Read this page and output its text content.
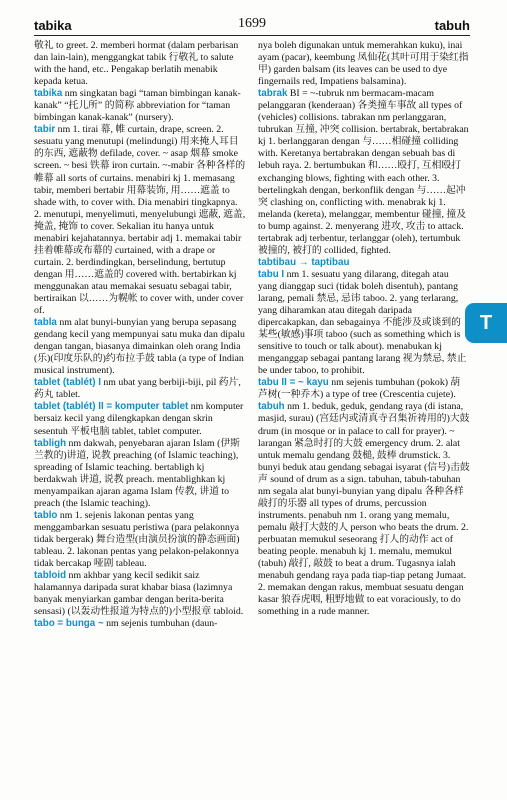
tabika	1699	tabuh

敬礼 to greet. 2. memberi hormat (dalam perbarisan dan lain-lain), menggangkat tabik 行敬礼 to salute with the hand, etc.. Pengakap berlatih menabik kepada ketua.

tabika nm singkatan bagi “taman bimbingan kanak-kanak” “托儿所” 的简称 abbreviation for “taman bimbingan kanak-kanak” (nursery).

tabir nm 1. tirai 幕, 帷 curtain, drape, screen. 2. sesuatu yang menutupi (melindungi) 用来掩人耳目的东西, 遮蔽物 defilade, cover. ~ asap 烟幕 smoke screen. ~ besi 铁幕 iron curtain. ~-mabir 各种各样的帷幕 all sorts of curtains. menabiri kj 1. memasang tabir, memberi bertabir 用幕装饰, 用……遮盖 to shade with, to cover with. Dia menabiri tingkapnya. 2. menutupi, menyelimuti, menyelubungi 遮蔽, 遮盖, 掩盖, 掩饰 to cover. Sekalian itu hanya untuk menabiri kejahatannya. bertabir adj 1. memakai tabir 挂着帷幕或布幕的 curtained, with a drape or curtain. 2. berdindingkan, berselindung, bertutup dengan 用……遮盖的 covered with. bertabirkan kj menggunakan atau memakai sesuatu sebagai tabir, bertiraikan 以……为幌帐 to cover with, under cover of.

tabla nm alat bunyi-bunyian yang berupa sepasang gendang kecil yang mempunyai satu muka dan dipalu dengan tangan, biasanya dimainkan oleh orang India (乐)(印度乐队的)约布拉手鼓 tabla (a type of Indian musical instrument).

tablet (tablét) I nm ubat yang berbiji-biji, pil 药片, 药丸 tablet.

tablet (tablét) II = komputer tablet nm komputer bersaiz kecil yang dilengkapkan dengan skrin sesentuh 平板电脑 tablet, tablet computer.

tabligh nm dakwah, penyebaran ajaran Islam (伊斯兰教的)讲道, 说教 preaching (of Islamic teaching), spreading of Islamic teaching. bertabligh kj berdakwah 讲道, 说教 preach. mentablighkan kj menyampaikan ajaran agama Islam 传教, 讲道 to preach (the Islamic teaching).

tablo nm 1. sejenis lakonan pentas yang menggambarkan sesuatu peristiwa (para pelakonnya tidak bergerak) 舞台造型(由演员扮演的静态画面) tableau. 2. lakonan pentas yang pelakon-pelakonnya tidak bercakap 哑剧 tableau.

tabloid nm akhbar yang kecil sedikit saiz halamannya daripada surat khabar biasa (lazimnya banyak menyiarkan gambar dengan berita-berita sensasi) (以轰动性报道为特点的)小型报章 tabloid.

tabo = bunga ~ nm sejenis tumbuhan (daun-

nya boleh digunakan untuk memerahkan kuku), inai ayam (pacar), keembung 凤仙花(其叶可用于染红指甲) garden balsam (its leaves can be used to dye fingernails red, Impatiens balsamina).

tabrak BI = ~-tubruk nm bermacam-macam pelanggaran (kenderaan) 各类撞车事故 all types of (vehicles) collisions. tabrakan nm perlanggaran, tubrukan 互撞, 冲突 collision. bertabrak, bertabrakan kj 1. berlanggaran dengan 与……相碰撞 colliding with. Keretanya bertabrakan dengan sebuah bas di lebuh raya. 2. bertumbukan 和……殴打, 互相殴打 exchanging blows, fighting with each other. 3. bertelingkah dengan, berkonflik dengan 与……起冲突 clashing on, conflicting with. menabrak kj 1. melanda (kereta), melanggar, membentur 碰撞, 撞及 to bump against. 2. menyerang 进攻, 攻击 to attack. tertabrak adj terbentur, terlanggar (oleh), tertumbuk 被撞的, 被打的 collided, fighted.

tabtibau → taptibau

tabu I nm 1. sesuatu yang dilarang, ditegah atau yang dianggap suci (tidak boleh disentuh), pantang larang, pemali 禁忌, 忌讳 taboo. 2. yang terlarang, yang diharamkan atau ditegah daripada dipercakapkan, dan sebagainya 不能涉及或谈到的某些(敏感)事项 taboo (such as something which is sensitive to touch or talk about). menabukan kj menganggap sebagai pantang larang 视为禁忌, 禁止 be under taboo, to prohibit.

tabu II = ~ kayu nm sejenis tumbuhan (pokok) 葫芦树(一种乔木) a type of tree (Crescentia cujete).

tabuh nm 1. beduk, geduk, gendang raya (di istana, masjid, surau) (宫廷内或清真寺召集祈祷用的)大鼓 drum (in mosque or in palace to call for prayer). ~ larangan 紧急时打的大鼓 emergency drum. 2. alat untuk memalu gendang 鼓槌, 鼓棒 drumstick. 3. bunyi beduk atau gendang sebagai isyarat (信号)击鼓声 sound of drum as a sign. tabuhan, tabuh-tabuhan nm segala alat bunyi-bunyian yang dipalu 各种各样敲打的乐器 all types of drums, percussion instruments. penabuh nm 1. orang yang memalu, pemalu 敲打大鼓的人 person who beats the drum. 2. perbuatan memukul seseorang 打人的动作 act of beating people. menabuh kj 1. memalu, memukul (tabuh) 敲打, 敲鼓 to beat a drum. Tugasnya ialah menabuh gendang raya pada tiap-tiap petang Jumaat. 2. memakan dengan rakus, membuat sesuatu dengan kasar 狼吞虎咽, 粗野地做 to eat voraciously, to do something in a rude manner.

T
